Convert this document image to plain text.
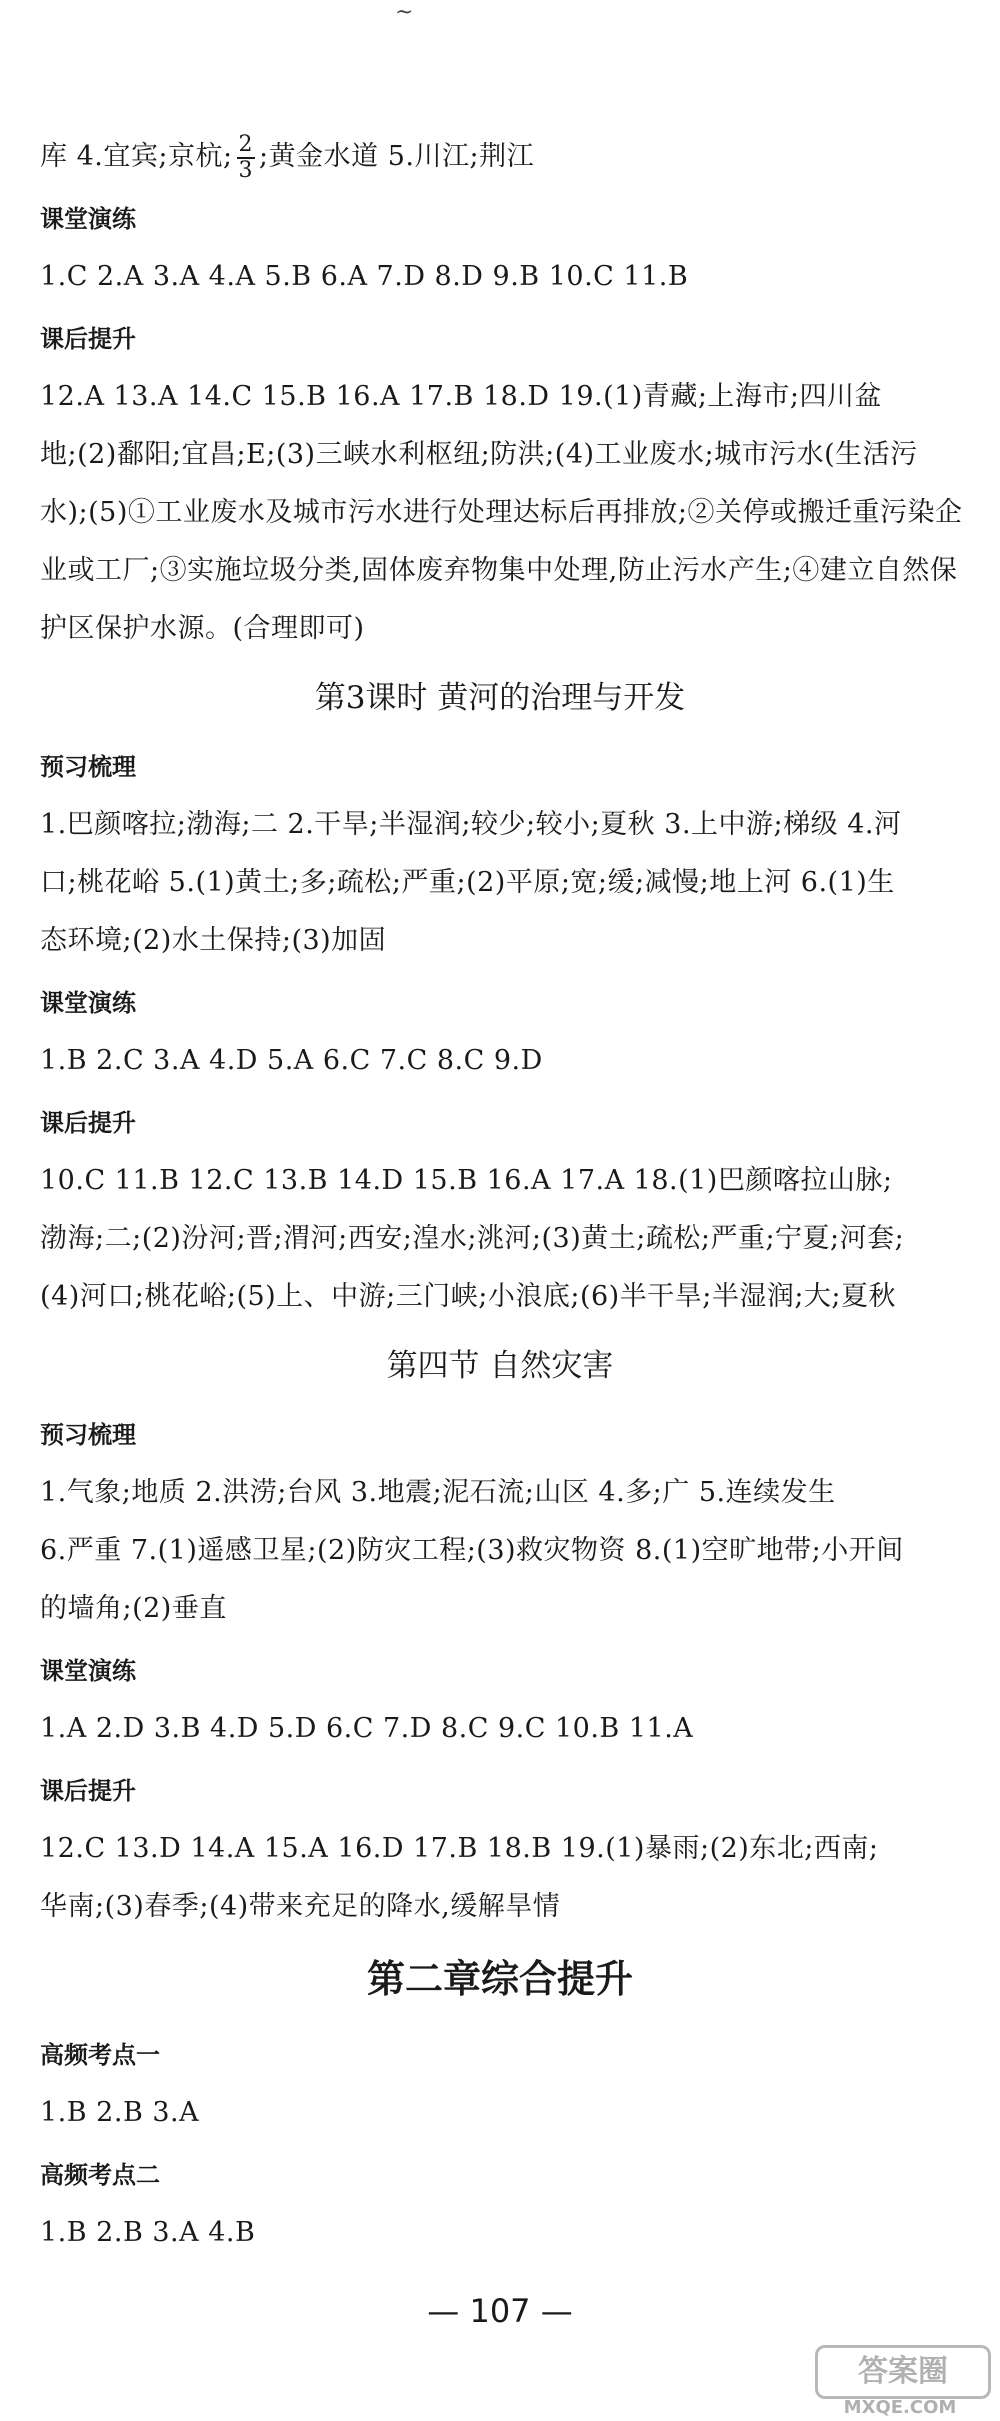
~
库 4.宜宾;京杭; $\frac{2}{3}$ ;黄金水道 5.川江;荆江
课堂演练
1.C 2.A 3.A 4.A 5.B 6.A 7.D 8.D 9.B 10.C 11.B
课后提升
12.A 13.A 14.C 15.B 16.A 17.B 18.D 19.(1)青藏;上海市;四川盆
地;(2)鄱阳;宜昌;E;(3)三峡水利枢纽;防洪;(4)工业废水;城市污水(生活污
水);(5)①工业废水及城市污水进行处理达标后再排放;②关停或搬迁重污染企
业或工厂;③实施垃圾分类,固体废弃物集中处理,防止污水产生;④建立自然保
护区保护水源。(合理即可)
第3课时 黄河的治理与开发
预习梳理
1.巴颜喀拉;渤海;二 2.干旱;半湿润;较少;较小;夏秋 3.上中游;梯级 4.河
口;桃花峪 5.(1)黄土;多;疏松;严重;(2)平原;宽;缓;减慢;地上河 6.(1)生
态环境;(2)水土保持;(3)加固
课堂演练
1.B 2.C 3.A 4.D 5.A 6.C 7.C 8.C 9.D
课后提升
10.C 11.B 12.C 13.B 14.D 15.B 16.A 17.A 18.(1)巴颜喀拉山脉;
渤海;二;(2)汾河;晋;渭河;西安;湟水;洮河;(3)黄土;疏松;严重;宁夏;河套;
(4)河口;桃花峪;(5)上、中游;三门峡;小浪底;(6)半干旱;半湿润;大;夏秋
第四节 自然灾害
预习梳理
1.气象;地质 2.洪涝;台风 3.地震;泥石流;山区 4.多;广 5.连续发生
6.严重 7.(1)遥感卫星;(2)防灾工程;(3)救灾物资 8.(1)空旷地带;小开间
的墙角;(2)垂直
课堂演练
1.A 2.D 3.B 4.D 5.D 6.C 7.D 8.C 9.C 10.B 11.A
课后提升
12.C 13.D 14.A 15.A 16.D 17.B 18.B 19.(1)暴雨;(2)东北;西南;
华南;(3)春季;(4)带来充足的降水,缓解旱情
第二章综合提升
高频考点一
1.B 2.B 3.A
高频考点二
1.B 2.B 3.A 4.B
— 107 —
答案圈
MXQE.COM
